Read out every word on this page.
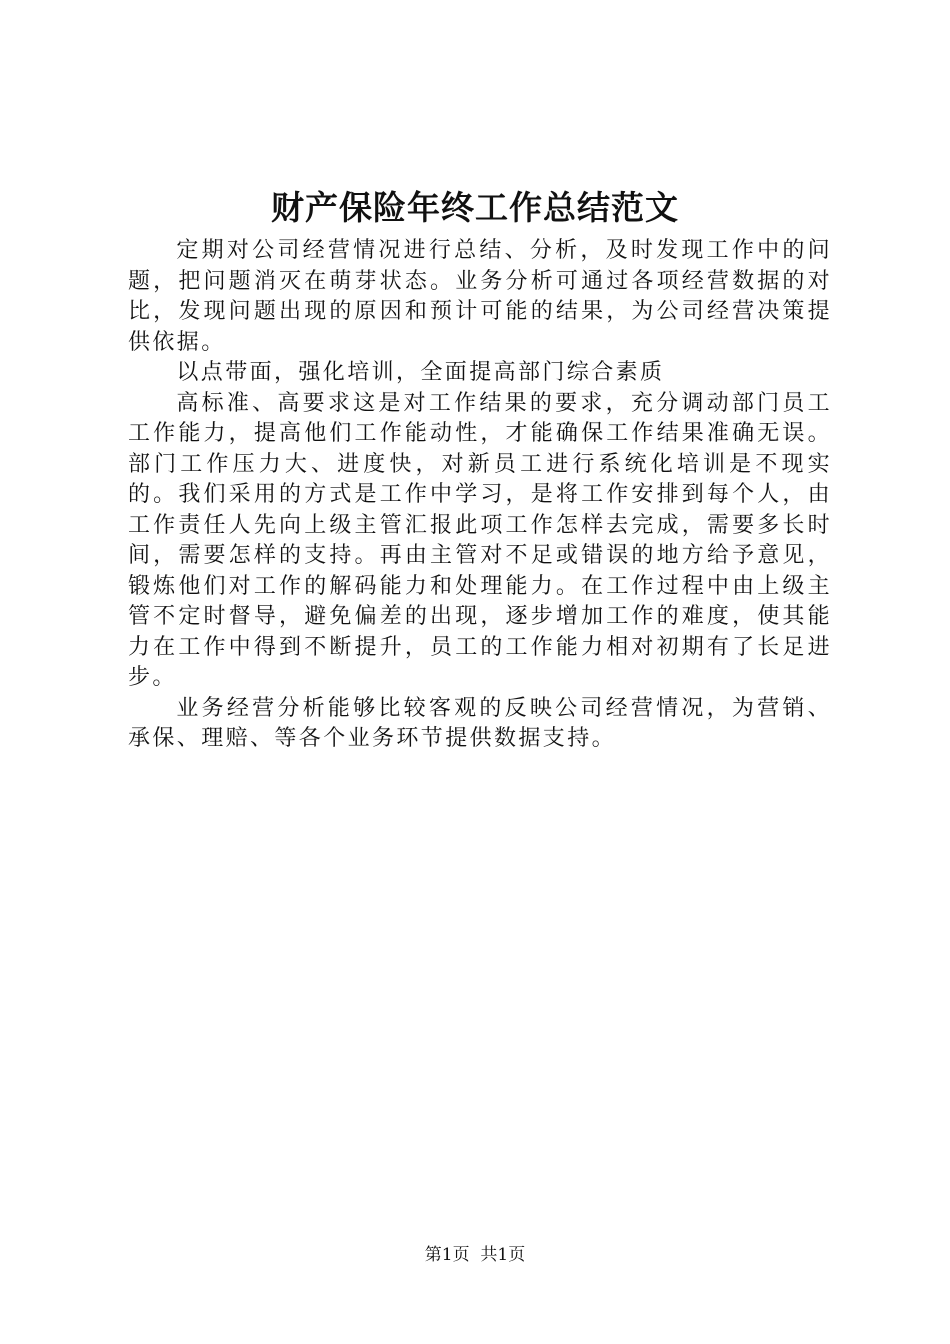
财产保险年终工作总结范文

定期对公司经营情况进行总结、分析，及时发现工作中的问题，把问题消灭在萌芽状态。业务分析可通过各项经营数据的对比，发现问题出现的原因和预计可能的结果，为公司经营决策提供依据。

以点带面，强化培训，全面提高部门综合素质

高标准、高要求这是对工作结果的要求，充分调动部门员工工作能力，提高他们工作能动性，才能确保工作结果准确无误。部门工作压力大、进度快，对新员工进行系统化培训是不现实的。我们采用的方式是工作中学习，是将工作安排到每个人，由工作责任人先向上级主管汇报此项工作怎样去完成，需要多长时间，需要怎样的支持。再由主管对不足或错误的地方给予意见，锻炼他们对工作的解码能力和处理能力。在工作过程中由上级主管不定时督导，避免偏差的出现，逐步增加工作的难度，使其能力在工作中得到不断提升，员工的工作能力相对初期有了长足进步。

业务经营分析能够比较客观的反映公司经营情况，为营销、承保、理赔、等各个业务环节提供数据支持。

第1页 共1页
